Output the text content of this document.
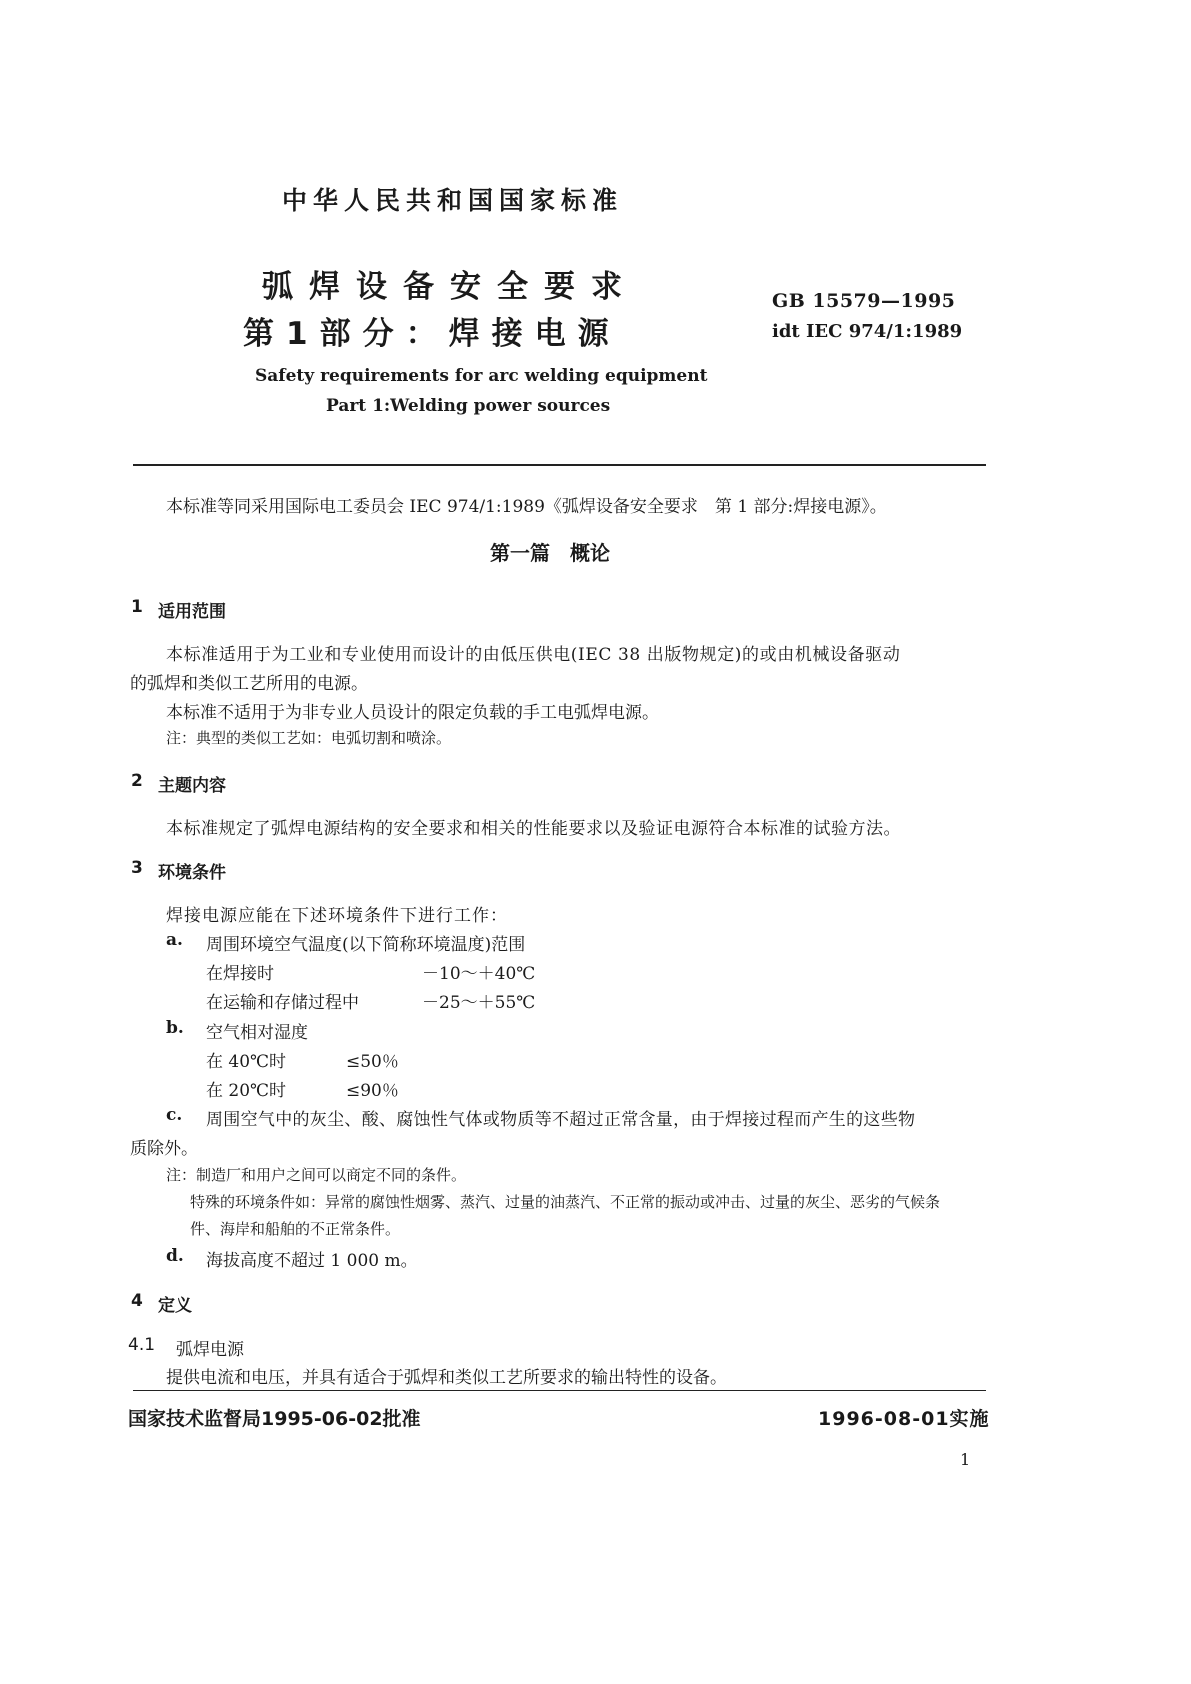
中华人民共和国国家标准
弧焊设备安全要求
第1部分：焊接电源
GB 15579—1995
idt IEC 974/1:1989
Safety requirements for arc welding equipment
Part 1:Welding power sources
本标准等同采用国际电工委员会 IEC 974/1:1989《弧焊设备安全要求　第 1 部分:焊接电源》。
第一篇　概论
1 适用范围
本标准适用于为工业和专业使用而设计的由低压供电(IEC 38 出版物规定)的或由机械设备驱动
的弧焊和类似工艺所用的电源。
本标准不适用于为非专业人员设计的限定负载的手工电弧焊电源。
注：典型的类似工艺如：电弧切割和喷涂。
2 主题内容
本标准规定了弧焊电源结构的安全要求和相关的性能要求以及验证电源符合本标准的试验方法。
3 环境条件
焊接电源应能在下述环境条件下进行工作：
a. 周围环境空气温度(以下简称环境温度)范围
在焊接时	－10～＋40℃
在运输和存储过程中	－25～＋55℃
b. 空气相对湿度
在 40℃时	≤50％
在 20℃时	≤90％
c. 周围空气中的灰尘、酸、腐蚀性气体或物质等不超过正常含量，由于焊接过程而产生的这些物
质除外。
注：制造厂和用户之间可以商定不同的条件。
特殊的环境条件如：异常的腐蚀性烟雾、蒸汽、过量的油蒸汽、不正常的振动或冲击、过量的灰尘、恶劣的气候条
件、海岸和船舶的不正常条件。
d. 海拔高度不超过 1 000 m。
4 定义
4.1 弧焊电源
提供电流和电压，并具有适合于弧焊和类似工艺所要求的输出特性的设备。
国家技术监督局1995-06-02批准	1996-08-01实施
1
